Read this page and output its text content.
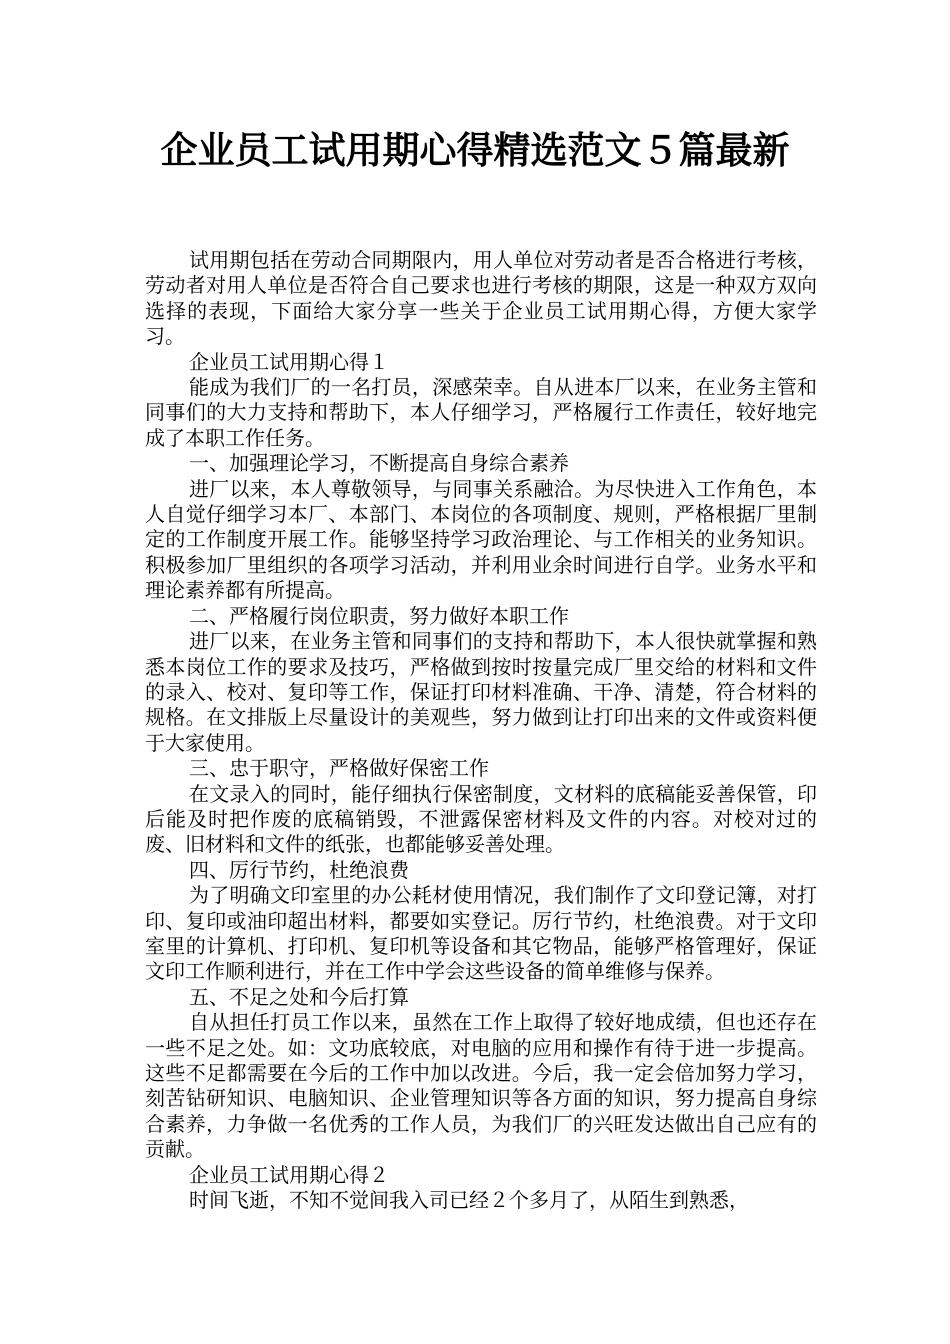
企业员工试用期心得精选范文５篇最新

试用期包括在劳动合同期限内，用人单位对劳动者是否合格进行考核，劳动者对用人单位是否符合自己要求也进行考核的期限，这是一种双方双向选择的表现，下面给大家分享一些关于企业员工试用期心得，方便大家学习。

企业员工试用期心得１

能成为我们厂的一名打员，深感荣幸。自从进本厂以来，在业务主管和同事们的大力支持和帮助下，本人仔细学习，严格履行工作责任，较好地完成了本职工作任务。

一、加强理论学习，不断提高自身综合素养

进厂以来，本人尊敬领导，与同事关系融洽。为尽快进入工作角色，本人自觉仔细学习本厂、本部门、本岗位的各项制度、规则，严格根据厂里制定的工作制度开展工作。能够坚持学习政治理论、与工作相关的业务知识。积极参加厂里组织的各项学习活动，并利用业余时间进行自学。业务水平和理论素养都有所提高。

二、严格履行岗位职责，努力做好本职工作

进厂以来，在业务主管和同事们的支持和帮助下，本人很快就掌握和熟悉本岗位工作的要求及技巧，严格做到按时按量完成厂里交给的材料和文件的录入、校对、复印等工作，保证打印材料准确、干净、清楚，符合材料的规格。在文排版上尽量设计的美观些，努力做到让打印出来的文件或资料便于大家使用。

三、忠于职守，严格做好保密工作

在文录入的同时，能仔细执行保密制度，文材料的底稿能妥善保管，印后能及时把作废的底稿销毁，不泄露保密材料及文件的内容。对校对过的废、旧材料和文件的纸张，也都能够妥善处理。

四、厉行节约，杜绝浪费

为了明确文印室里的办公耗材使用情况，我们制作了文印登记簿，对打印、复印或油印超出材料，都要如实登记。厉行节约，杜绝浪费。对于文印室里的计算机、打印机、复印机等设备和其它物品，能够严格管理好，保证文印工作顺利进行，并在工作中学会这些设备的简单维修与保养。

五、不足之处和今后打算

自从担任打员工作以来，虽然在工作上取得了较好地成绩，但也还存在一些不足之处。如：文功底较底，对电脑的应用和操作有待于进一步提高。这些不足都需要在今后的工作中加以改进。今后，我一定会倍加努力学习，刻苦钻研知识、电脑知识、企业管理知识等各方面的知识，努力提高自身综合素养，力争做一名优秀的工作人员，为我们厂的兴旺发达做出自己应有的贡献。

企业员工试用期心得２

时间飞逝，不知不觉间我入司已经２个多月了，从陌生到熟悉，
